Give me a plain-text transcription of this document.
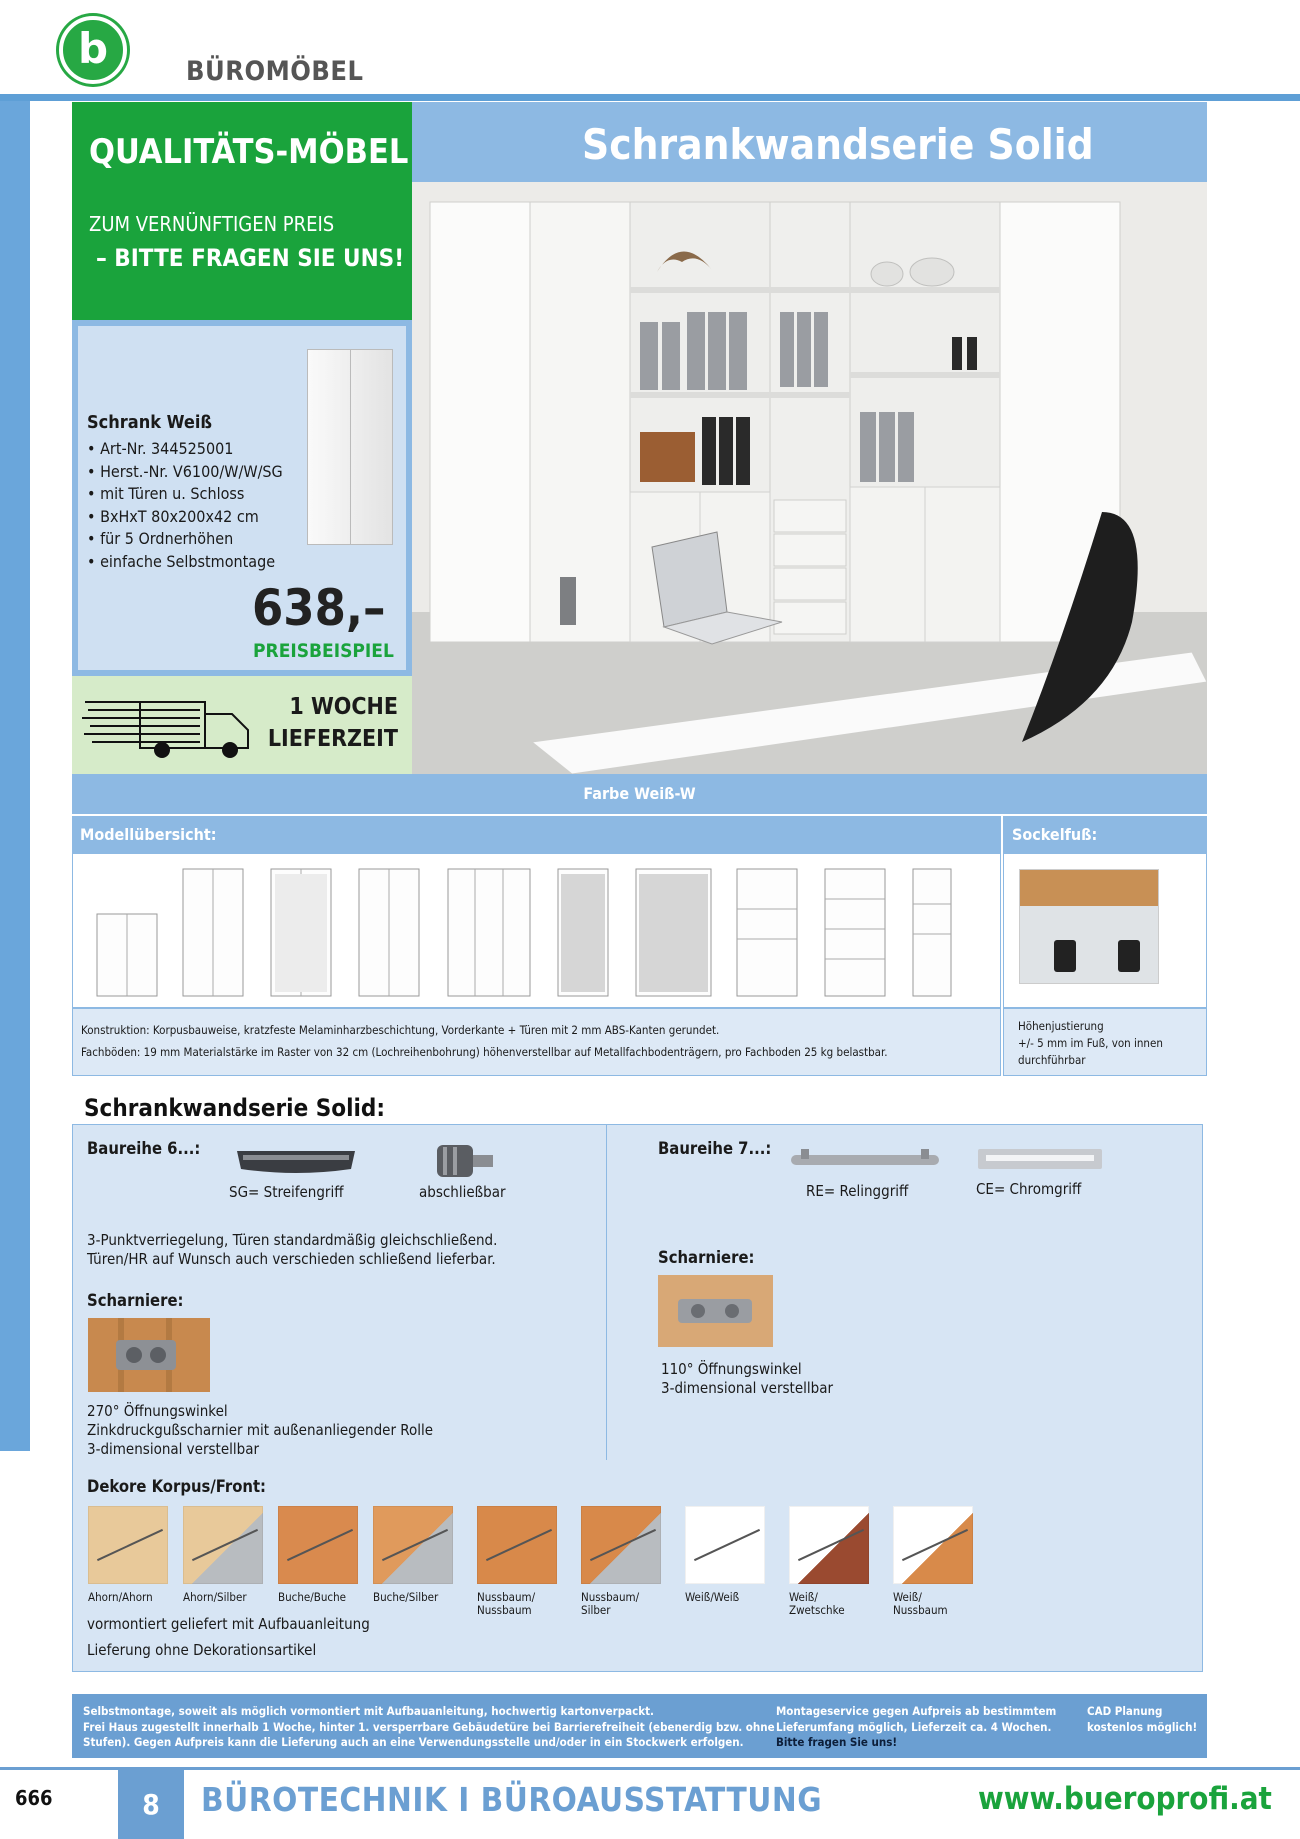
b	BÜROMÖBEL
QUALITÄTS-MÖBEL
ZUM VERNÜNFTIGEN PREIS
– BITTE FRAGEN SIE UNS!
Schrankwandserie Solid
Schrank Weiß
• Art-Nr. 344525001
• Herst.-Nr. V6100/W/W/SG
• mit Türen u. Schloss
• BxHxT 80x200x42 cm
• für 5 Ordnerhöhen
• einfache Selbstmontage
638,–
PREISBEISPIEL
1 WOCHE
LIEFERZEIT
Farbe Weiß-W
Modellübersicht:	Sockelfuß:
Konstruktion: Korpusbauweise, kratzfeste Melaminharzbeschichtung, Vorderkante + Türen mit 2 mm ABS-Kanten gerundet.
Fachböden: 19 mm Materialstärke im Raster von 32 cm (Lochreihenbohrung) höhenverstellbar auf Metallfachbodenträgern, pro Fachboden 25 kg belastbar.
Höhenjustierung
+/- 5 mm im Fuß, von innen
durchführbar
Schrankwandserie Solid:
Baureihe 6...:
SG= Streifengriff	abschließbar
3-Punktverriegelung, Türen standardmäßig gleichschließend.
Türen/HR auf Wunsch auch verschieden schließend lieferbar.
Scharniere:
270° Öffnungswinkel
Zinkdruckgußscharnier mit außenanliegender Rolle
3-dimensional verstellbar
Baureihe 7...:
RE= Relinggriff	CE= Chromgriff
Scharniere:
110° Öffnungswinkel
3-dimensional verstellbar
Dekore Korpus/Front:
Ahorn/Ahorn	Ahorn/Silber	Buche/Buche Buche/Silber	Nussbaum/
Nussbaum
Nussbaum/
Silber
Weiß/Weiß	Weiß/
Zwetschke
Weiß/
Nussbaum
vormontiert geliefert mit Aufbauanleitung
Lieferung ohne Dekorationsartikel
Selbstmontage, soweit als möglich vormontiert mit Aufbauanleitung, hochwertig kartonverpackt.
Frei Haus zugestellt innerhalb 1 Woche, hinter 1. versperrbare Gebäudetüre bei Barrierefreiheit (ebenerdig bzw. ohne
Stufen). Gegen Aufpreis kann die Lieferung auch an eine Verwendungsstelle und/oder in ein Stockwerk erfolgen.
Montageservice gegen Aufpreis ab bestimmtem
Lieferumfang möglich, Lieferzeit ca. 4 Wochen.
Bitte fragen Sie uns!
CAD Planung
kostenlos möglich!
666	8	BÜROTECHNIK I BÜROAUSSTATTUNG	www.bueroprofi.at
